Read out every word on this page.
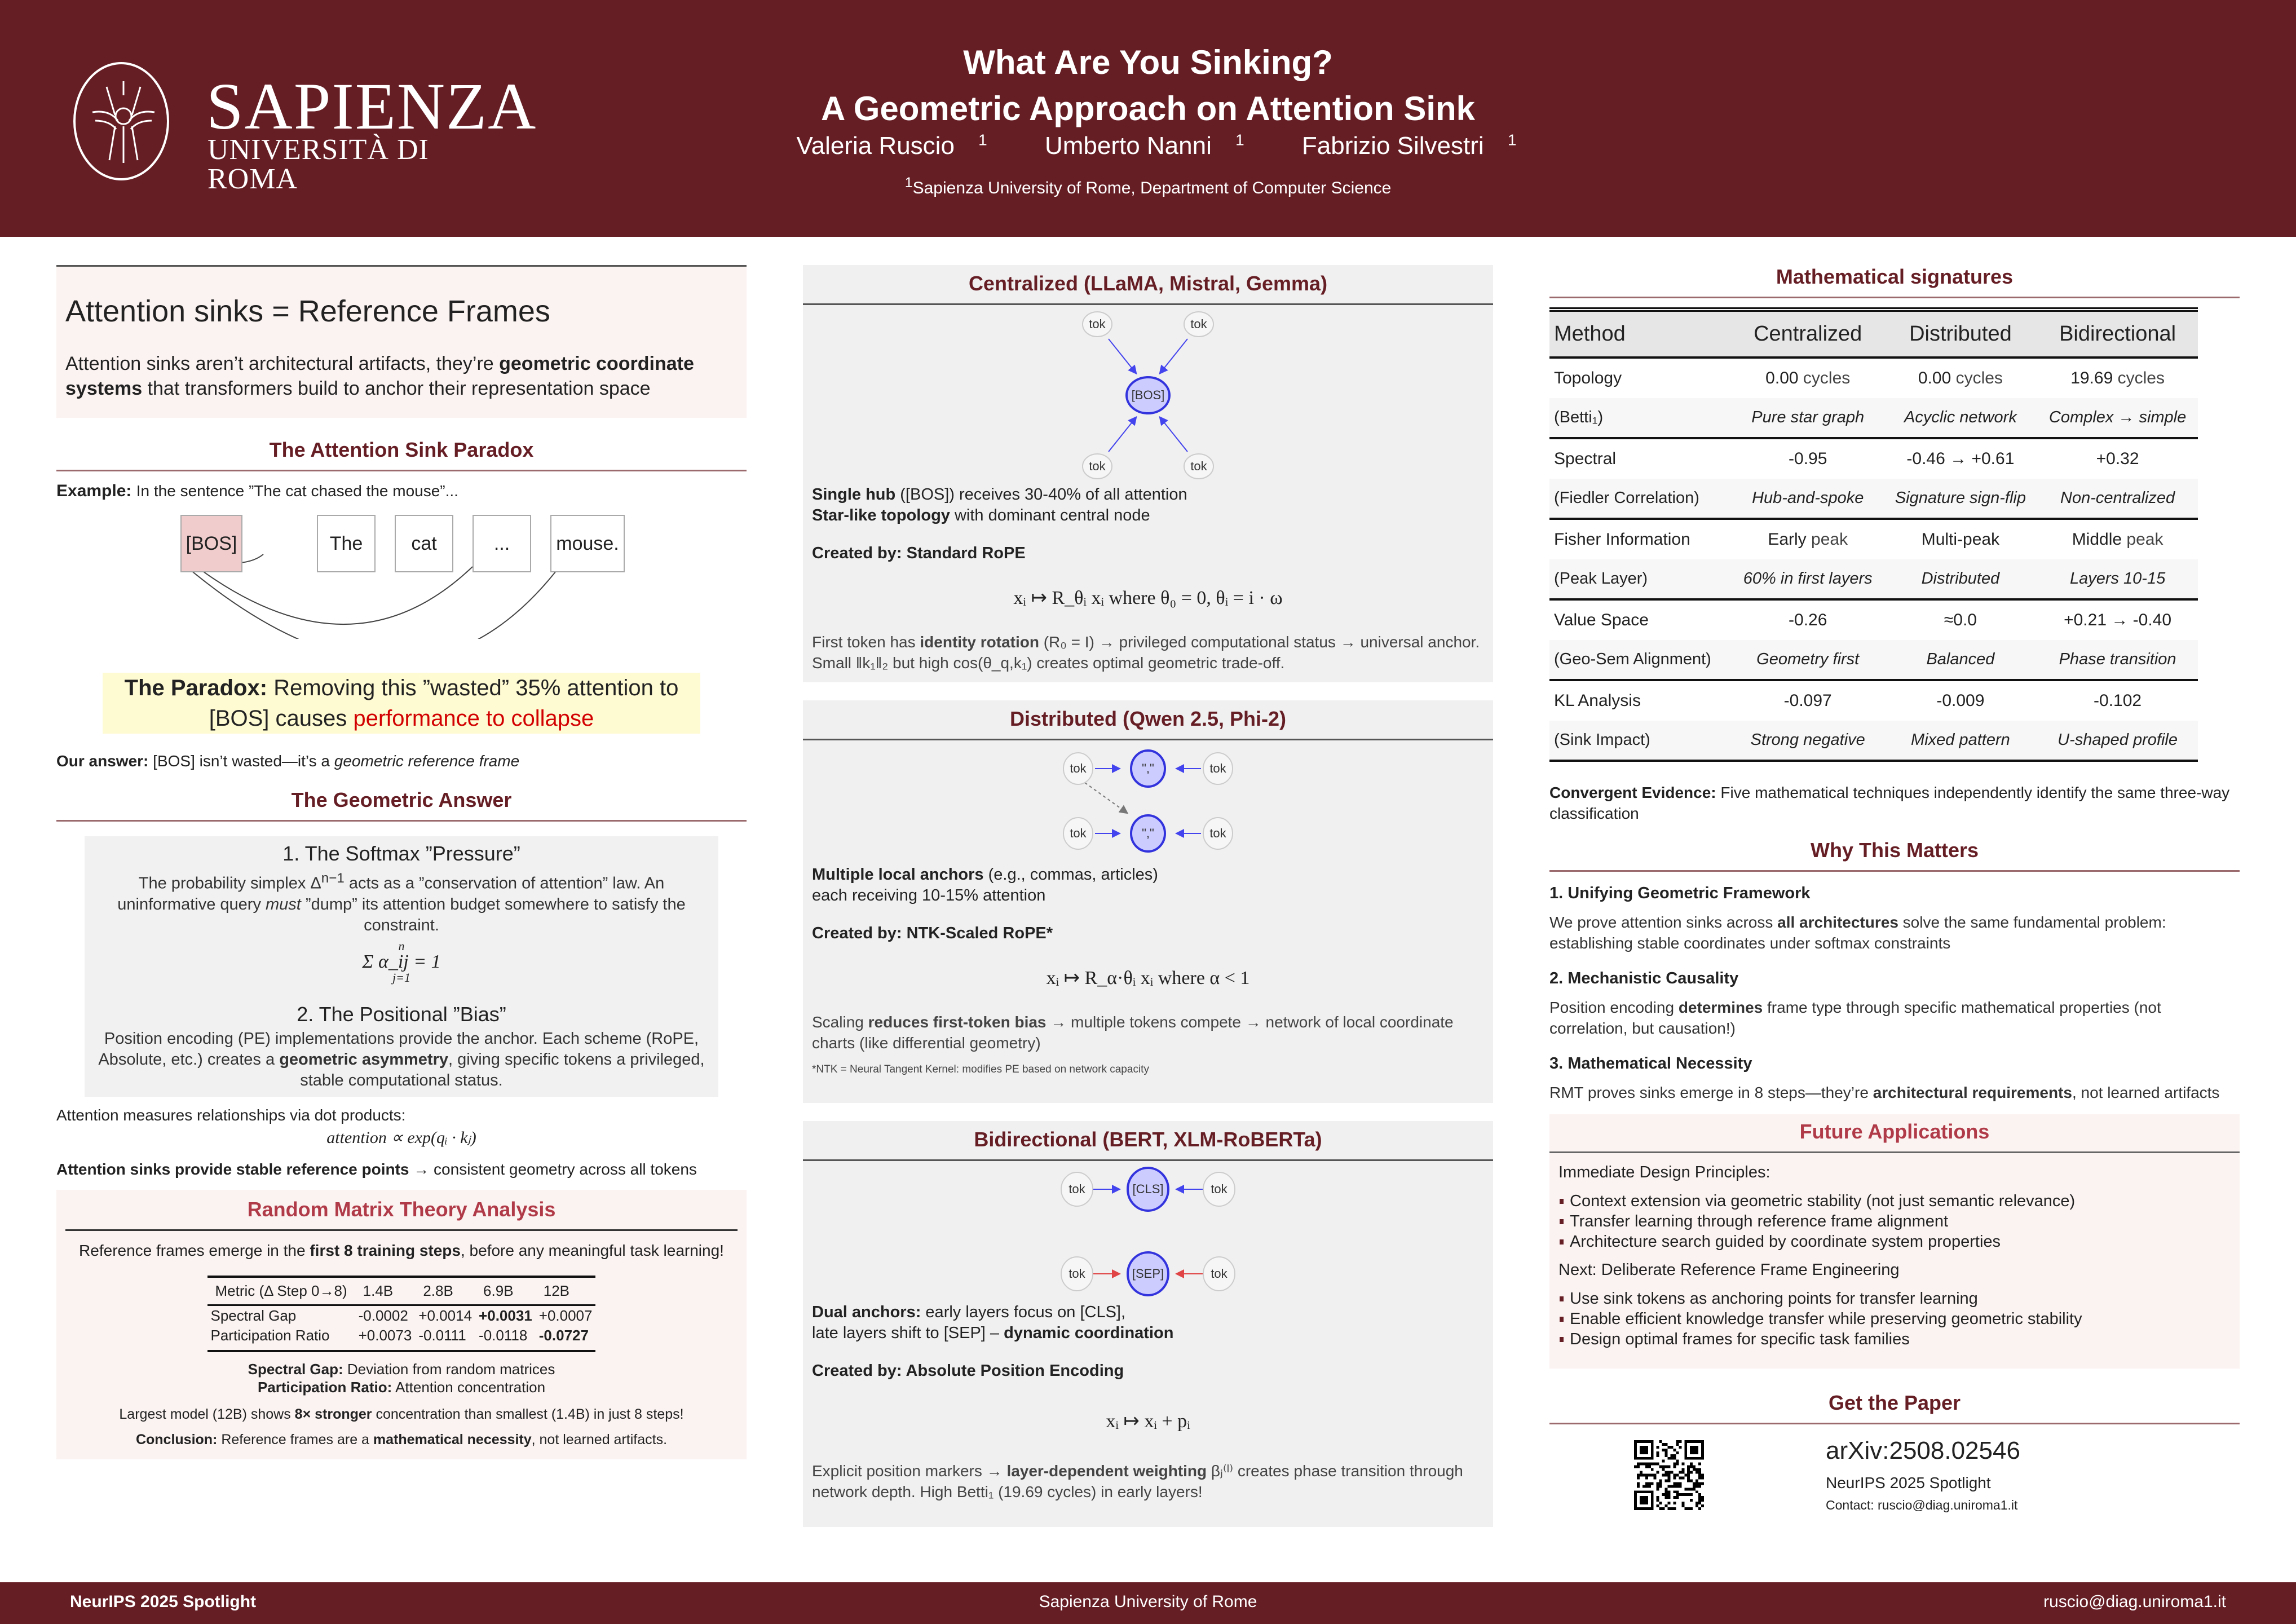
SAPIENZA
UNIVERSITÀ DI ROMA
What Are You Sinking?
A Geometric Approach on Attention Sink
Valeria Ruscio $^1$ Umberto Nanni $^1$ Fabrizio Silvestri $^1$
$^1$Sapienza University of Rome, Department of Computer Science
Attention sinks = Reference Frames

Attention sinks aren’t architectural artifacts, they’re geometric coordinate systems that transformers build to anchor their representation space

The Attention Sink Paradox

Example: In the sentence ”The cat chased the mouse”...

[BOS]	The	cat	...	mouse.
The Paradox: Removing this ”wasted” 35% attention to [BOS] causes performance to collapse

Our answer: [BOS] isn’t wasted—it’s a geometric reference frame

The Geometric Answer
1. The Softmax ”Pressure”

The probability simplex $\Delta^{n-1}$ acts as a ”conservation of attention” law. An uninformative query must ”dump” its attention budget somewhere to satisfy the constraint.

n
Σ α_ij = 1
j=1
2. The Positional ”Bias”

Position encoding (PE) implementations provide the anchor. Each scheme (RoPE, Absolute, etc.) creates a geometric asymmetry, giving specific tokens a privileged, stable computational status.

Attention measures relationships via dot products:

attention ∝ exp(qᵢ · kⱼ)

Attention sinks provide stable reference points → consistent geometry across all tokens

Random Matrix Theory Analysis

Reference frames emerge in the first 8 training steps, before any meaningful task learning!

Metric (Δ Step 0→8)	1.4B	2.8B	6.9B	12B
Spectral Gap	-0.0002	+0.0014	+0.0031	+0.0007
Participation Ratio	+0.0073	-0.0111	-0.0118	-0.0727

Spectral Gap: Deviation from random matrices
Participation Ratio: Attention concentration

Largest model (12B) shows 8× stronger concentration than smallest (1.4B) in just 8 steps!

Conclusion: Reference frames are a mathematical necessity, not learned artifacts.

Centralized (LLaMA, Mistral, Gemma)
tok	tok
tok	tok
[BOS]

Single hub ([BOS]) receives 30-40% of all attention
Star-like topology with dominant central node

Created by: Standard RoPE

xᵢ ↦ R_θᵢ xᵢ where θ₀ = 0, θᵢ = i · ω

First token has identity rotation (R₀ = I) → privileged computational status → universal anchor. Small ‖k₁‖₂ but high cos(θ_q,k₁) creates optimal geometric trade-off.

Distributed (Qwen 2.5, Phi-2)
tok	tok
tok	tok
","
","

Multiple local anchors (e.g., commas, articles)
each receiving 10-15% attention

Created by: NTK-Scaled RoPE*

xᵢ ↦ R_α·θᵢ xᵢ where α < 1

Scaling reduces first-token bias → multiple tokens compete → network of local coordinate charts (like differential geometry)

*NTK = Neural Tangent Kernel: modifies PE based on network capacity

Bidirectional (BERT, XLM-RoBERTa)
tok	tok
tok	tok
[CLS]
[SEP]

Dual anchors: early layers focus on [CLS],
late layers shift to [SEP] – dynamic coordination

Created by: Absolute Position Encoding

xᵢ ↦ xᵢ + pᵢ

Explicit position markers → layer-dependent weighting βⱼ⁽ˡ⁾ creates phase transition through network depth. High Betti₁ (19.69 cycles) in early layers!

Mathematical signatures
Method	Centralized	Distributed	Bidirectional
Topology	0.00 cycles	0.00 cycles	19.69 cycles
(Betti₁)	Pure star graph	Acyclic network	Complex → simple
Spectral	-0.95	-0.46 → +0.61	+0.32
(Fiedler Correlation)	Hub-and-spoke	Signature sign-flip	Non-centralized
Fisher Information	Early peak	Multi-peak	Middle peak
(Peak Layer)	60% in first layers	Distributed	Layers 10-15
Value Space	-0.26	≈0.0	+0.21 → -0.40
(Geo-Sem Alignment)	Geometry first	Balanced	Phase transition
KL Analysis	-0.097	-0.009	-0.102
(Sink Impact)	Strong negative	Mixed pattern	U-shaped profile

Convergent Evidence: Five mathematical techniques independently identify the same three-way classification

Why This Matters

1. Unifying Geometric Framework

We prove attention sinks across all architectures solve the same fundamental problem: establishing stable coordinates under softmax constraints

2. Mechanistic Causality

Position encoding determines frame type through specific mathematical properties (not correlation, but causation!)

3. Mathematical Necessity

RMT proves sinks emerge in 8 steps—they’re architectural requirements, not learned artifacts

Future Applications

Immediate Design Principles:

Context extension via geometric stability (not just semantic relevance)
Transfer learning through reference frame alignment
Architecture search guided by coordinate system properties

Next: Deliberate Reference Frame Engineering

Use sink tokens as anchoring points for transfer learning
Enable efficient knowledge transfer while preserving geometric stability
Design optimal frames for specific task families
Get the Paper
arXiv:2508.02546
NeurIPS 2025 Spotlight
Contact: ruscio@diag.uniroma1.it
NeurIPS 2025 Spotlight	Sapienza University of Rome	ruscio@diag.uniroma1.it
